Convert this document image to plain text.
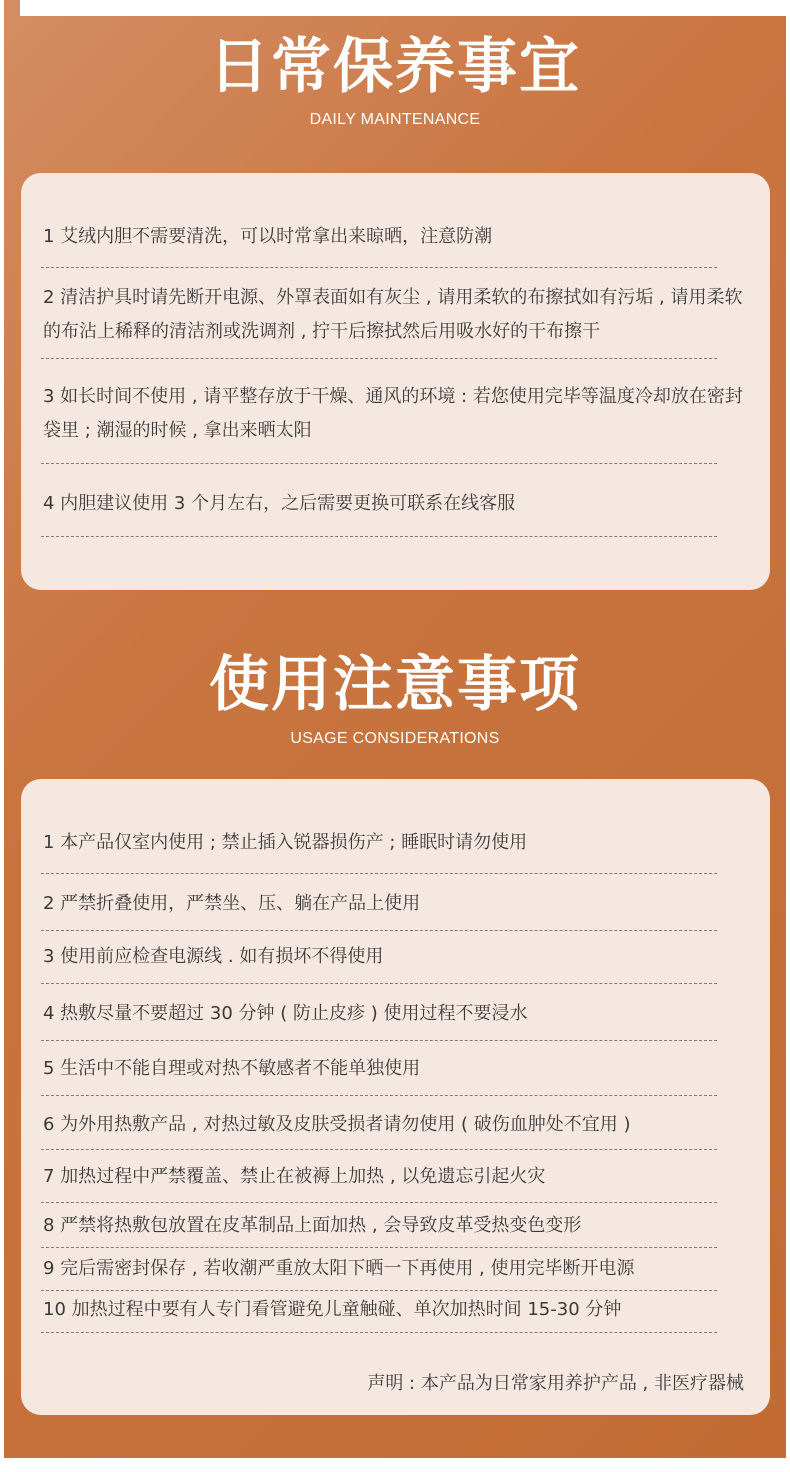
日常保养事宜
DAILY MAINTENANCE
1 艾绒内胆不需要清洗，可以时常拿出来晾晒，注意防潮
2 清洁护具时请先断开电源、外罩表面如有灰尘 , 请用柔软的布擦拭如有污垢 , 请用柔软的布沾上稀释的清洁剂或洗调剂 , 拧干后擦拭然后用吸水好的干布擦干
3 如长时间不使用 , 请平整存放于干燥、通风的环境 : 若您使用完毕等温度冷却放在密封袋里 ; 潮湿的时候 , 拿出来晒太阳
4 内胆建议使用 3 个月左右，之后需要更换可联系在线客服
使用注意事项
USAGE CONSIDERATIONS
1 本产品仅室内使用 ; 禁止插入锐器损伤产 ; 睡眠时请勿使用
2 严禁折叠使用，严禁坐、压、躺在产品上使用
3 使用前应检查电源线 . 如有损坏不得使用
4 热敷尽量不要超过 30 分钟 ( 防止皮疹 ) 使用过程不要浸水
5 生活中不能自理或对热不敏感者不能单独使用
6 为外用热敷产品 , 对热过敏及皮肤受损者请勿使用 ( 破伤血肿处不宜用 )
7 加热过程中严禁覆盖、禁止在被褥上加热 , 以免遗忘引起火灾
8 严禁将热敷包放置在皮革制品上面加热 , 会导致皮革受热变色变形
9 完后需密封保存 , 若收潮严重放太阳下晒一下再使用 , 使用完毕断开电源
10 加热过程中要有人专门看管避免儿童触碰、单次加热时间 15-30 分钟
声明 : 本产品为日常家用养护产品 , 非医疗器械
